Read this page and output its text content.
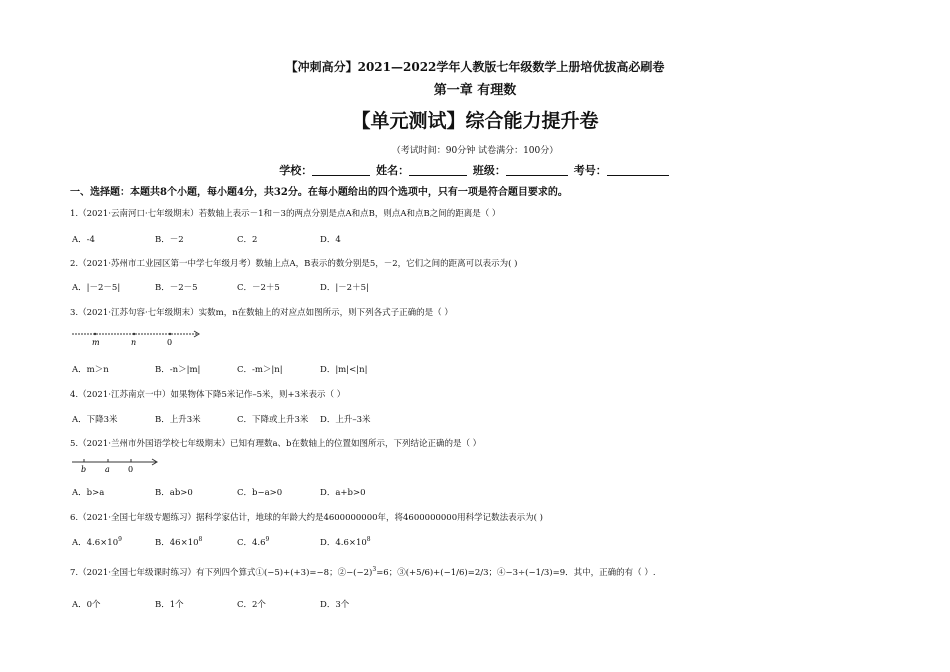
【冲刺高分】2021—2022学年人教版七年级数学上册培优拔高必刷卷
第一章 有理数
【单元测试】综合能力提升卷
（考试时间：90分钟 试卷满分：100分）
学校：	姓名：	班级：	考号：
一、选择题：本题共8个小题，每小题4分，共32分。在每小题给出的四个选项中，只有一项是符合题目要求的。
1.（2021·云南河口·七年级期末）若数轴上表示－1和－3的两点分别是点A和点B，则点A和点B之间的距离是（ ）
A．-4	B．－2	C．2	D．4
2.（2021·苏州市工业园区第一中学七年级月考）数轴上点A，B表示的数分别是5，－2，它们之间的距离可以表示为( )
A．|－2－5|	B．－2－5	C．－2＋5	D．|－2＋5|
3.（2021·江苏句容·七年级期末）实数m，n在数轴上的对应点如图所示，则下列各式子正确的是（ ）
m	n	0
A．m＞n	B．-n＞|m|	C．-m＞|n|	D．|m|<|n|
4.（2021·江苏南京一中）如果物体下降5米记作–5米，则+3米表示（ ）
A．下降3米	B．上升3米	C．下降或上升3米 D．上升–3米
5.（2021·兰州市外国语学校七年级期末）已知有理数a、b在数轴上的位置如图所示，下列结论正确的是（ ）
b a 0
A．b>a	B．ab>0	C．b−a>0	D．a+b>0
6.（2021·全国七年级专题练习）据科学家估计，地球的年龄大约是4600000000年，将4600000000用科学记数法表示为( )
A．$4.6\times 10^9$	B．$46\times 10^8$	C．$4.6^9$	D．$4.6\times 10^8$
7.（2021·全国七年级课时练习）有下列四个算式①(−5)+(+3)=−8；$②-(-2)^3=6$；③(+5/6)+(−1/6)=2/3；④−3÷(−1/3)=9．其中，正确的有（ ）.
A．0个	B．1个	C．2个	D．3个
